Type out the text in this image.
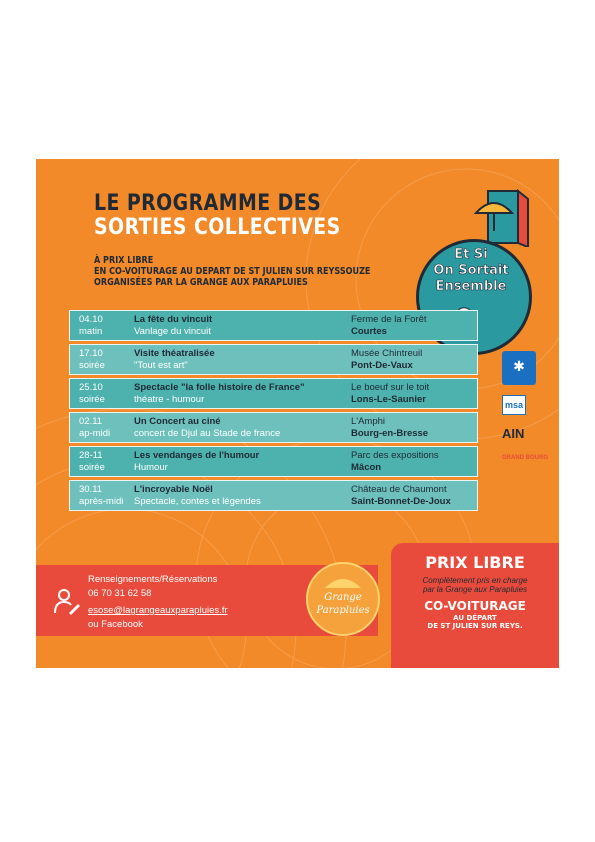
LE PROGRAMME DES
SORTIES COLLECTIVES
À PRIX LIBRE
EN CO-VOITURAGE AU DEPART DE ST JULIEN SUR REYSSOUZE
ORGANISÉES PAR LA GRANGE AUX PARAPLUIES
Et Si
On Sortait
Ensemble
04.10
matin
La fête du vincuit
Vanlage du vincuit
Ferme de la Forêt
Courtes
17.10
soirée
Visite théatralisée
"Tout est art"
Musée Chintreuil
Pont-De-Vaux
25.10
soirée
Spectacle "la folle histoire de France"
théatre - humour
Le boeuf sur le toit
Lons-Le-Saunier
02.11
ap-midi
Un Concert au ciné
concert de Djul au Stade de france
L'Amphi
Bourg-en-Bresse
28-11
soirée
Les vendanges de l'humour
Humour
Parc des expositions
Mâcon
30.11
après-midi
L'incroyable Noël
Spectacle, contes et légendes
Château de Chaumont
Saint-Bonnet-De-Joux
✱
msa
AIN
GRAND BOURG
Renseignements/Réservations
06 70 31 62 58
esose@lagrangeauxparapluies.fr
ou Facebook
Grange
Parapluies
PRIX LIBRE
Complètement pris en charge
par la Grange aux Parapluies
CO-VOITURAGE
AU DÉPART
DE ST JULIEN SUR REYS.
